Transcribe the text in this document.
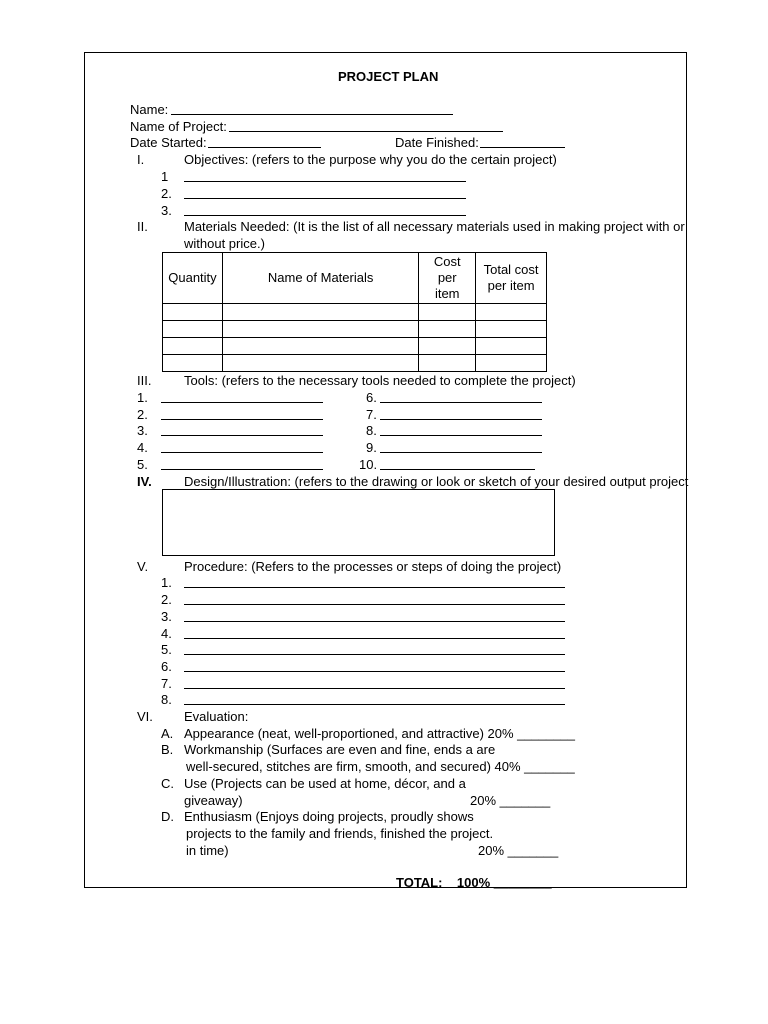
PROJECT PLAN
Name:
Name of Project:
Date Started:	Date Finished:
I.	Objectives: (refers to the purpose why you do the certain project)
1
2.
3.
II.	Materials Needed: (It is the list of all necessary materials used in making project with or
without price.)
Quantity	Name of Materials	Cost
per
item	Total cost
per item

III.	Tools: (refers to the necessary tools needed to complete the project)
1.
2.
3.
4.
5.
6.
7.
8.
9.
10.
IV. Design/Illustration: (refers to the drawing or look or sketch of your desired output project
V.	Procedure: (Refers to the processes or steps of doing the project)
1.
2.
3.
4.
5.
6.
7.
8.
VI. Evaluation:
A. Appearance (neat, well-proportioned, and attractive) 20% ________
B. Workmanship (Surfaces are even and fine, ends a are
well-secured, stitches are firm, smooth, and secured) 40% _______
C. Use (Projects can be used at home, décor, and a
giveaway)	20% _______
D. Enthusiasm (Enjoys doing projects, proudly shows
projects to the family and friends, finished the project.
in time)	20% _______
TOTAL:    100% ________
